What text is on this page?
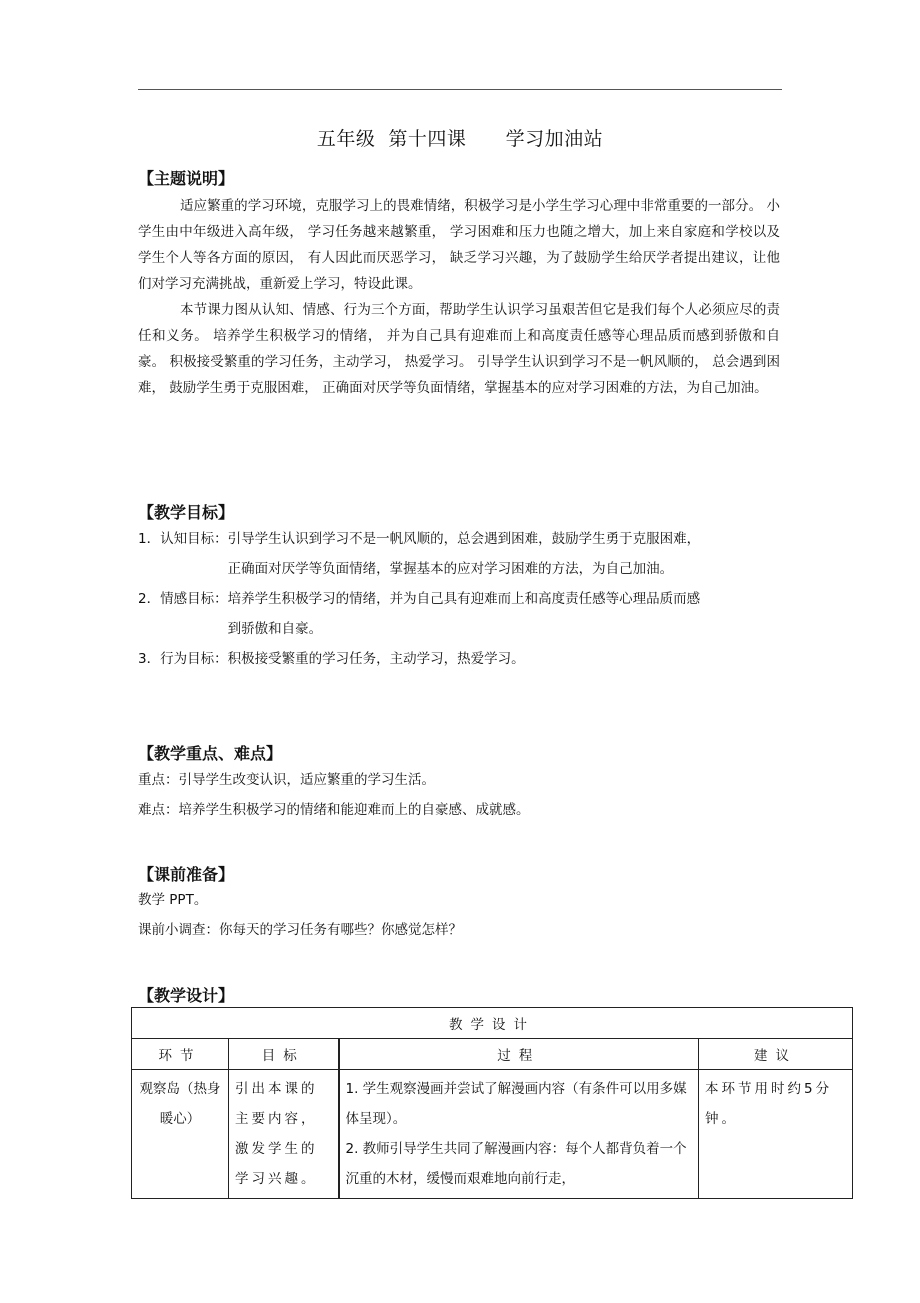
五年级  第十四课      学习加油站
【主题说明】

适应繁重的学习环境，克服学习上的畏难情绪，积极学习是小学生学习心理中非常重要的一部分。 小学生由中年级进入高年级， 学习任务越来越繁重， 学习困难和压力也随之增大，加上来自家庭和学校以及学生个人等各方面的原因， 有人因此而厌恶学习， 缺乏学习兴趣，为了鼓励学生给厌学者提出建议，让他们对学习充满挑战，重新爱上学习，特设此课。

本节课力图从认知、情感、行为三个方面，帮助学生认识学习虽艰苦但它是我们每个人必须应尽的责任和义务。 培养学生积极学习的情绪， 并为自己具有迎难而上和高度责任感等心理品质而感到骄傲和自豪。 积极接受繁重的学习任务，主动学习， 热爱学习。 引导学生认识到学习不是一帆风顺的， 总会遇到困难， 鼓励学生勇于克服困难， 正确面对厌学等负面情绪，掌握基本的应对学习困难的方法，为自己加油。

【教学目标】
1．认知目标： 引导学生认识到学习不是一帆风顺的，总会遇到困难，鼓励学生勇于克服困难，正确面对厌学等负面情绪，掌握基本的应对学习困难的方法，为自己加油。
2．情感目标： 培养学生积极学习的情绪，并为自己具有迎难而上和高度责任感等心理品质而感到骄傲和自豪。
3．行为目标： 积极接受繁重的学习任务，主动学习，热爱学习。
【教学重点、难点】
重点：引导学生改变认识，适应繁重的学习生活。
难点：培养学生积极学习的情绪和能迎难而上的自豪感、成就感。
【课前准备】
教学 PPT。
课前小调查：你每天的学习任务有哪些？你感觉怎样？
【教学设计】
教学设计			
环节	目标	过程	建议
观察岛（热身暖心）	引出本课的主要内容，激发学生的学习兴趣。	1. 学生观察漫画并尝试了解漫画内容（有条件可以用多媒体呈现）。
2. 教师引导学生共同了解漫画内容：每个人都背负着一个沉重的木材，缓慢而艰难地向前行走，	本环节用时约5分钟。
